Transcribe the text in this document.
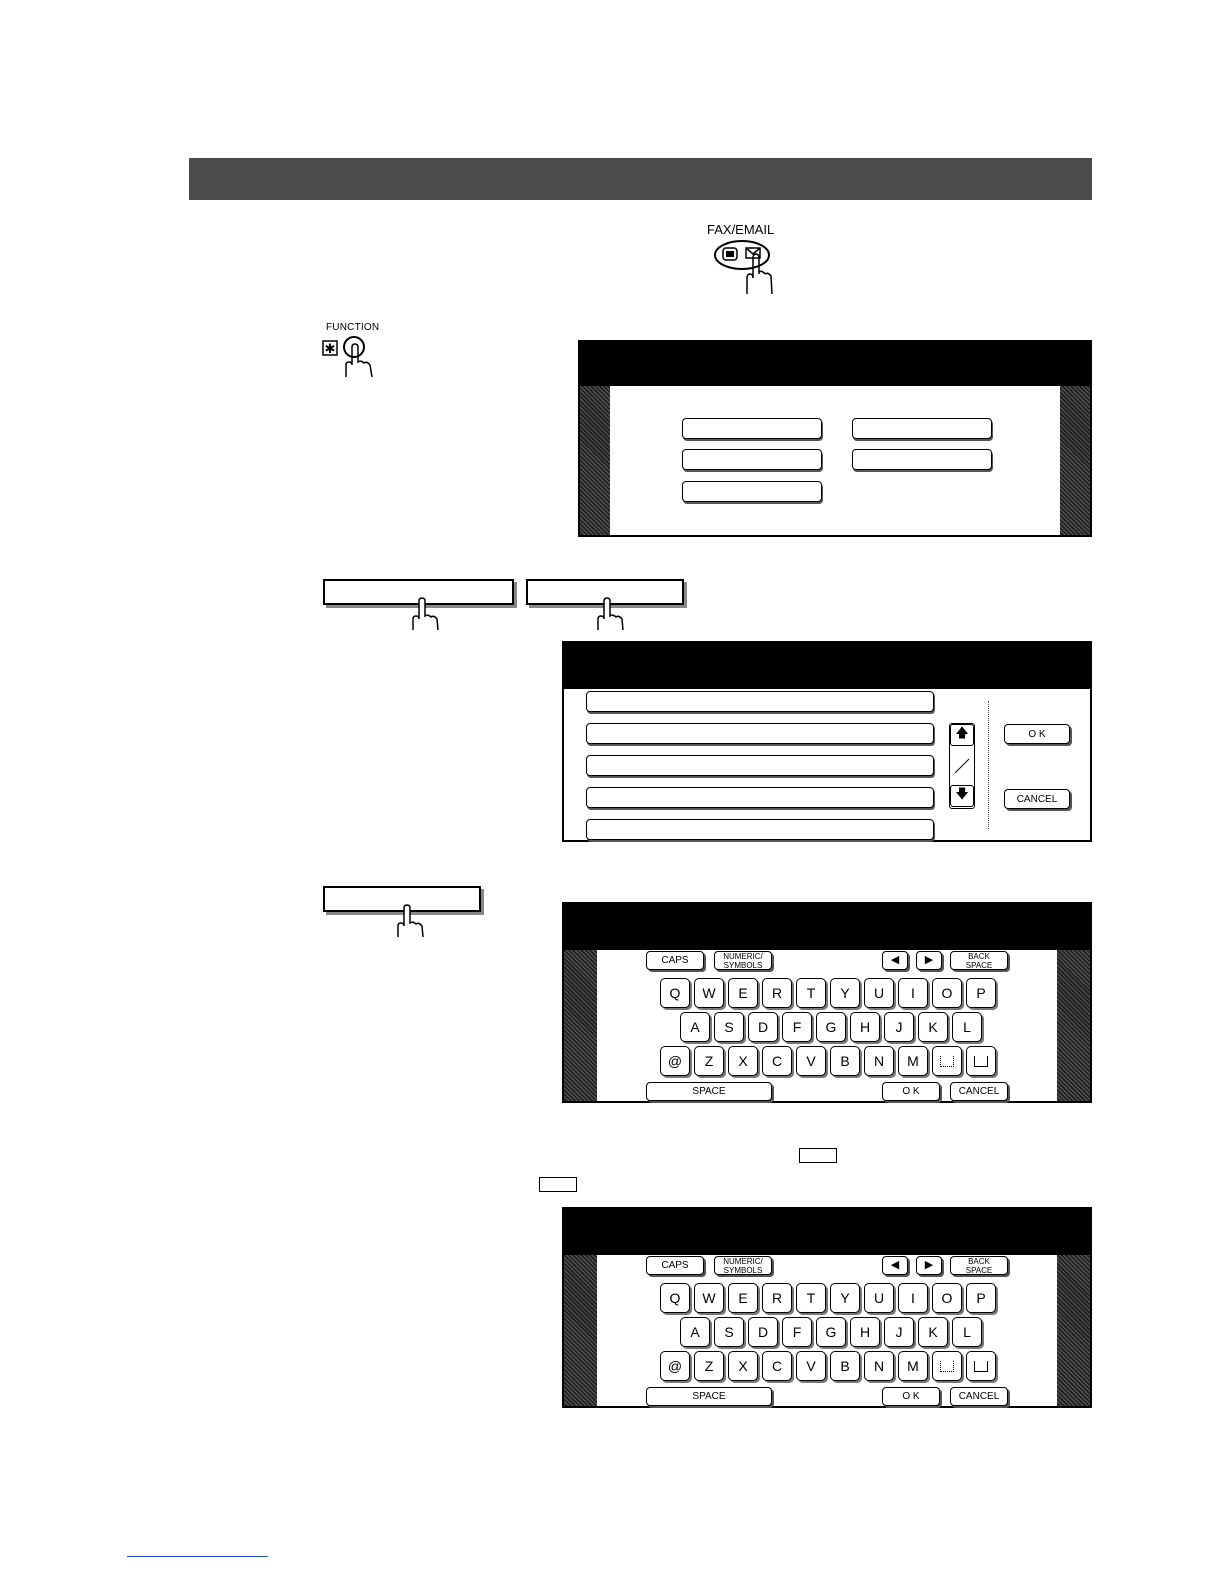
FAX/EMAIL
FUNCTION
✱
🡅
🡇
O K
CANCEL
CAPS	NUMERIC/
SYMBOLS	◀	▶	BACK
SPACE
Q	W	E	R	T	Y	U	I	O	P
A	S	D	F	G	H	J	K	L
@	Z	X	C	V	B	N	M
SPACE	O K	CANCEL
CAPS	NUMERIC/
SYMBOLS	◀	▶	BACK
SPACE
Q	W	E	R	T	Y	U	I	O	P
A	S	D	F	G	H	J	K	L
@	Z	X	C	V	B	N	M
SPACE	O K	CANCEL
